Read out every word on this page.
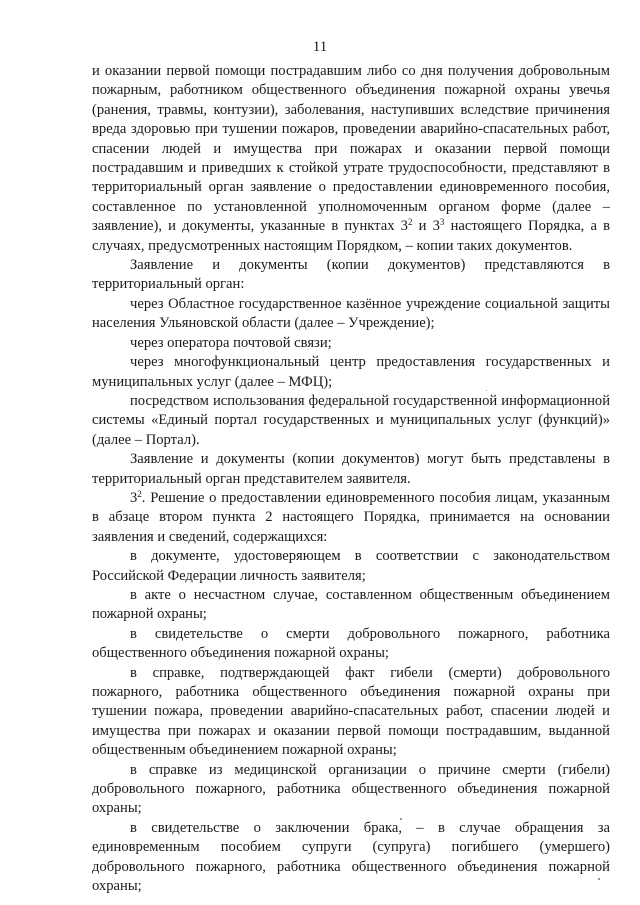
11

и оказании первой помощи пострадавшим либо со дня получения добровольным пожарным, работником общественного объединения пожарной охраны увечья (ранения, травмы, контузии), заболевания, наступивших вследствие причинения вреда здоровью при тушении пожаров, проведении аварийно-спасательных работ, спасении людей и имущества при пожарах и оказании первой помощи пострадавшим и приведших к стойкой утрате трудоспособности, представляют в территориальный орган заявление о предоставлении единовременного пособия, составленное по установленной уполномоченным органом форме (далее – заявление), и документы, указанные в пунктах $3^2$ и $3^3$ настоящего Порядка, а в случаях, предусмотренных настоящим Порядком, – копии таких документов.

Заявление и документы (копии документов) представляются в территориальный орган:

через Областное государственное казённое учреждение социальной защиты населения Ульяновской области (далее – Учреждение);

через оператора почтовой связи;

через многофункциональный центр предоставления государственных и муниципальных услуг (далее – МФЦ);

посредством использования федеральной государственной информационной системы «Единый портал государственных и муниципальных услуг (функций)» (далее – Портал).

Заявление и документы (копии документов) могут быть представлены в территориальный орган представителем заявителя.

$3^2$. Решение о предоставлении единовременного пособия лицам, указанным в абзаце втором пункта 2 настоящего Порядка, принимается на основании заявления и сведений, содержащихся:

в документе, удостоверяющем в соответствии с законодательством Российской Федерации личность заявителя;

в акте о несчастном случае, составленном общественным объединением пожарной охраны;

в свидетельстве о смерти добровольного пожарного, работника общественного объединения пожарной охраны;

в справке, подтверждающей факт гибели (смерти) добровольного пожарного, работника общественного объединения пожарной охраны при тушении пожара, проведении аварийно-спасательных работ, спасении людей и имущества при пожарах и оказании первой помощи пострадавшим, выданной общественным объединением пожарной охраны;

в справке из медицинской организации о причине смерти (гибели) добровольного пожарного, работника общественного объединения пожарной охраны;

в свидетельстве о заключении брака, – в случае обращения за единовременным пособием супруги (супруга) погибшего (умершего) добровольного пожарного, работника общественного объединения пожарной охраны;
